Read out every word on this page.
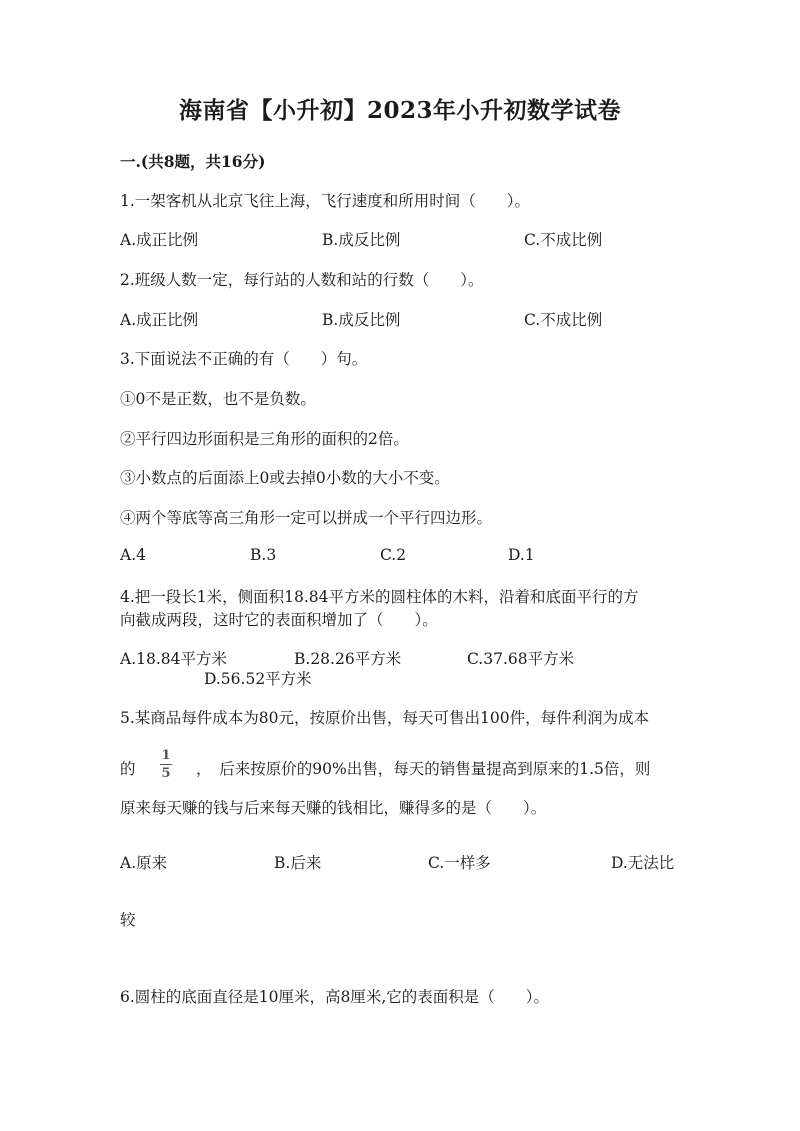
海南省【小升初】2023年小升初数学试卷
一.(共8题，共16分)
1.一架客机从北京飞往上海，飞行速度和所用时间（　　）。
A.成正比例	B.成反比例	C.不成比例
2.班级人数一定，每行站的人数和站的行数（　　）。
A.成正比例	B.成反比例	C.不成比例
3.下面说法不正确的有（　　）句。
①0不是正数，也不是负数。
②平行四边形面积是三角形的面积的2倍。
③小数点的后面添上0或去掉0小数的大小不变。
④两个等底等高三角形一定可以拼成一个平行四边形。
A.4	B.3	C.2	D.1
4.把一段长1米，侧面积18.84平方米的圆柱体的木料，沿着和底面平行的方
向截成两段，这时它的表面积增加了（　　）。
A.18.84平方米	B.28.26平方米	C.37.68平方米
D.56.52平方米
5.某商品每件成本为80元，按原价出售，每天可售出100件，每件利润为成本
的
1
5 ，　后来按原价的90%出售，每天的销售量提高到原来的1.5倍，则
原来每天赚的钱与后来每天赚的钱相比，赚得多的是（　　）。
A.原来	B.后来	C.一样多	D.无法比
较
6.圆柱的底面直径是10厘米，高8厘米,它的表面积是（　　）。
